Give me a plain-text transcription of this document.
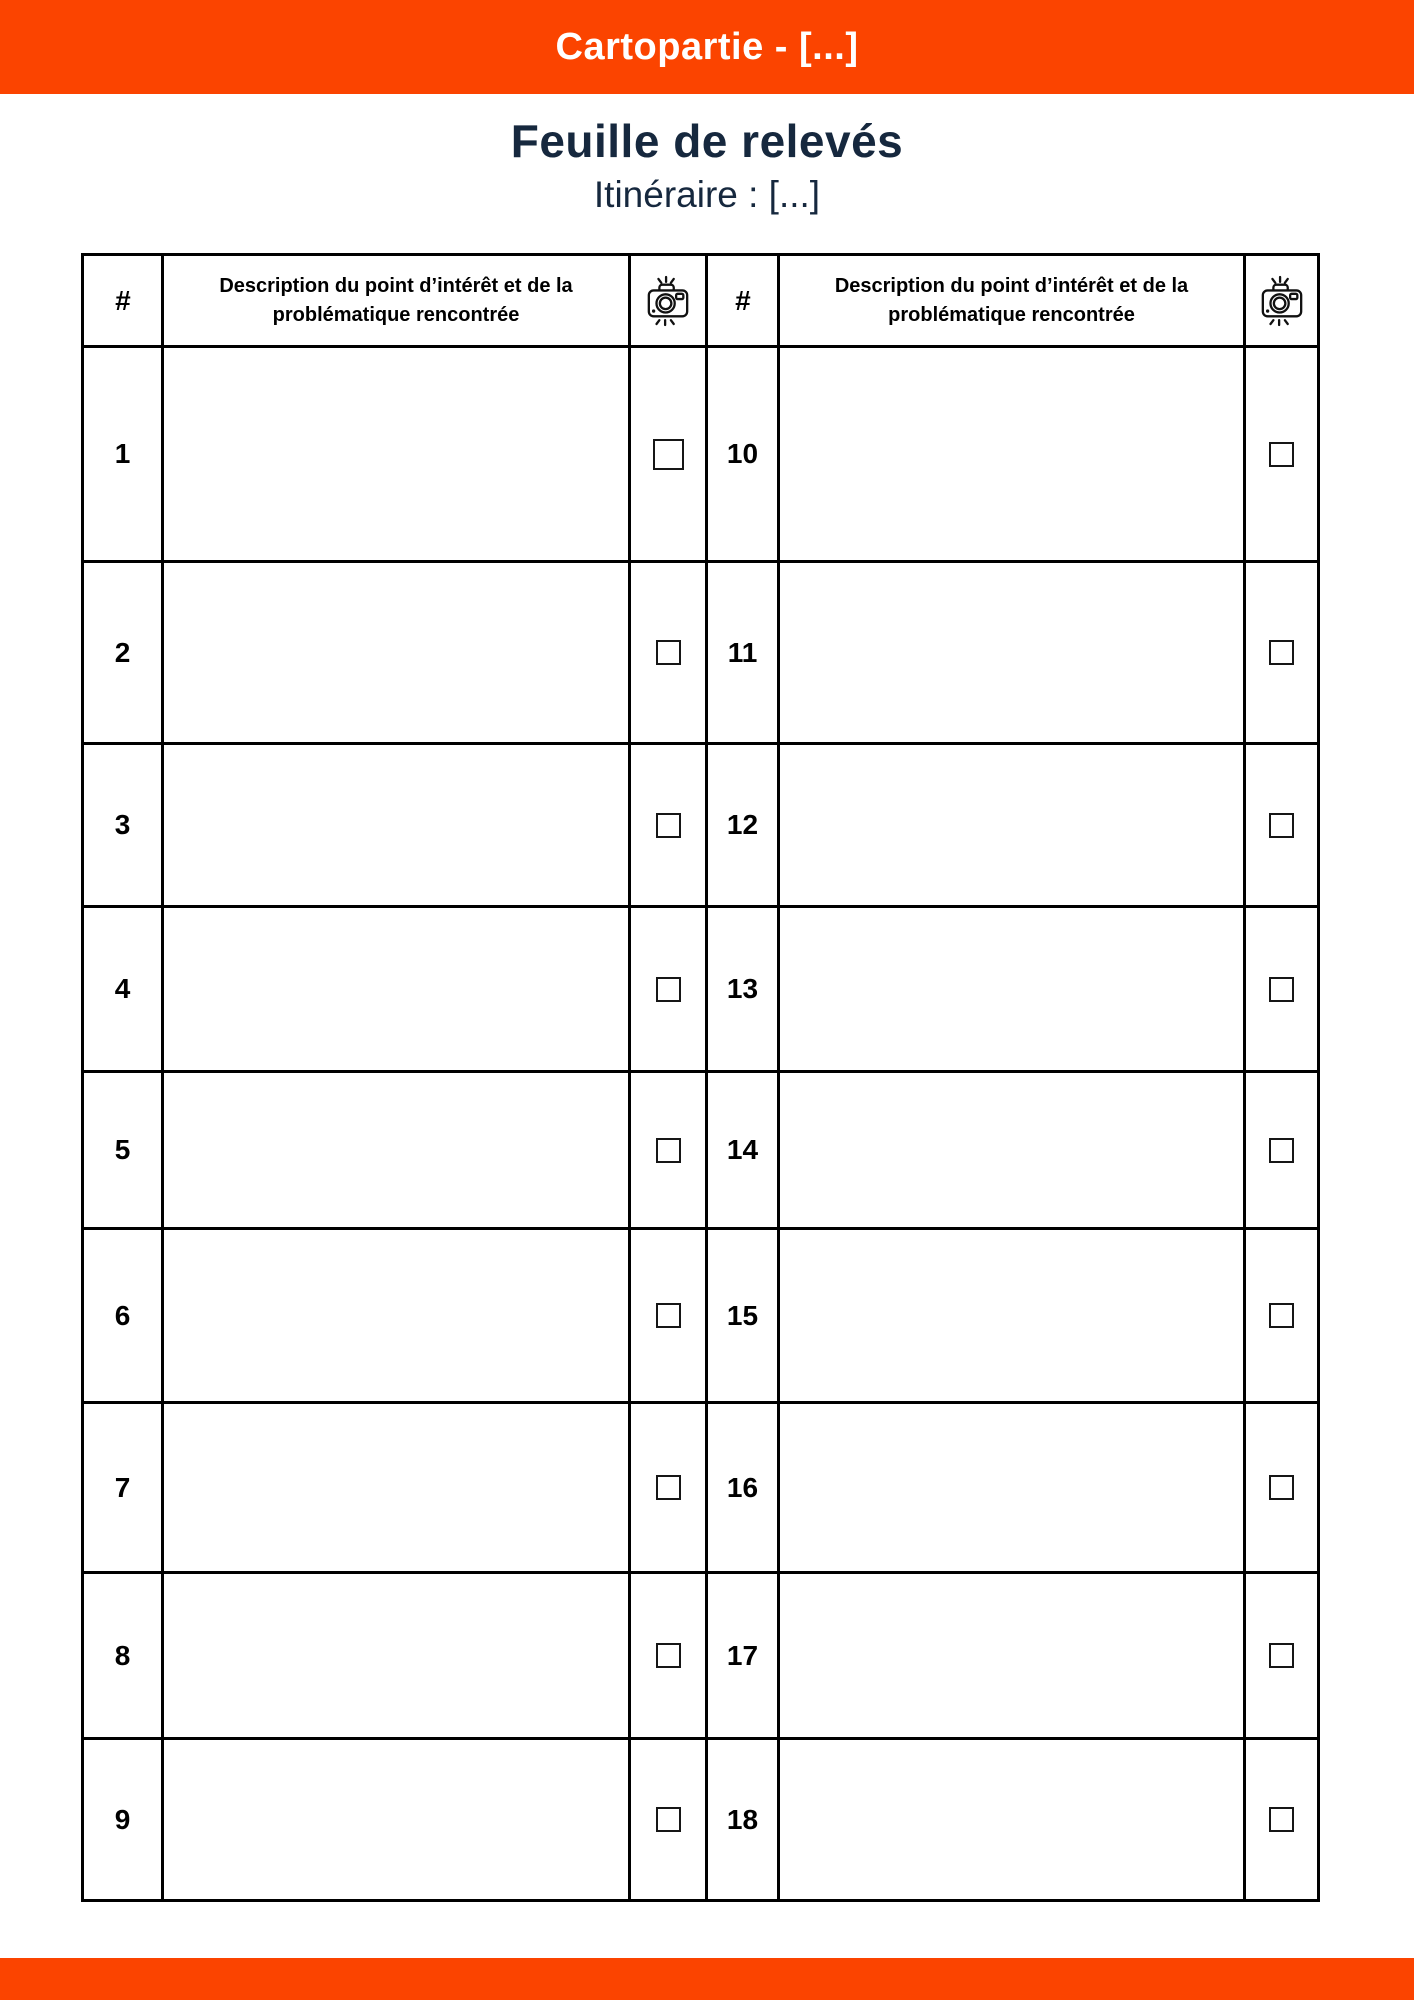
Cartopartie - [...]
Feuille de relevés
Itinéraire : [...]
#	Description du point d’intérêt et de la problématique rencontrée		#	Description du point d’intérêt et de la problématique rencontrée	

1			10		

2			11		

3			12		

4			13		

5			14		

6			15		

7			16		

8			17		

9			18		
